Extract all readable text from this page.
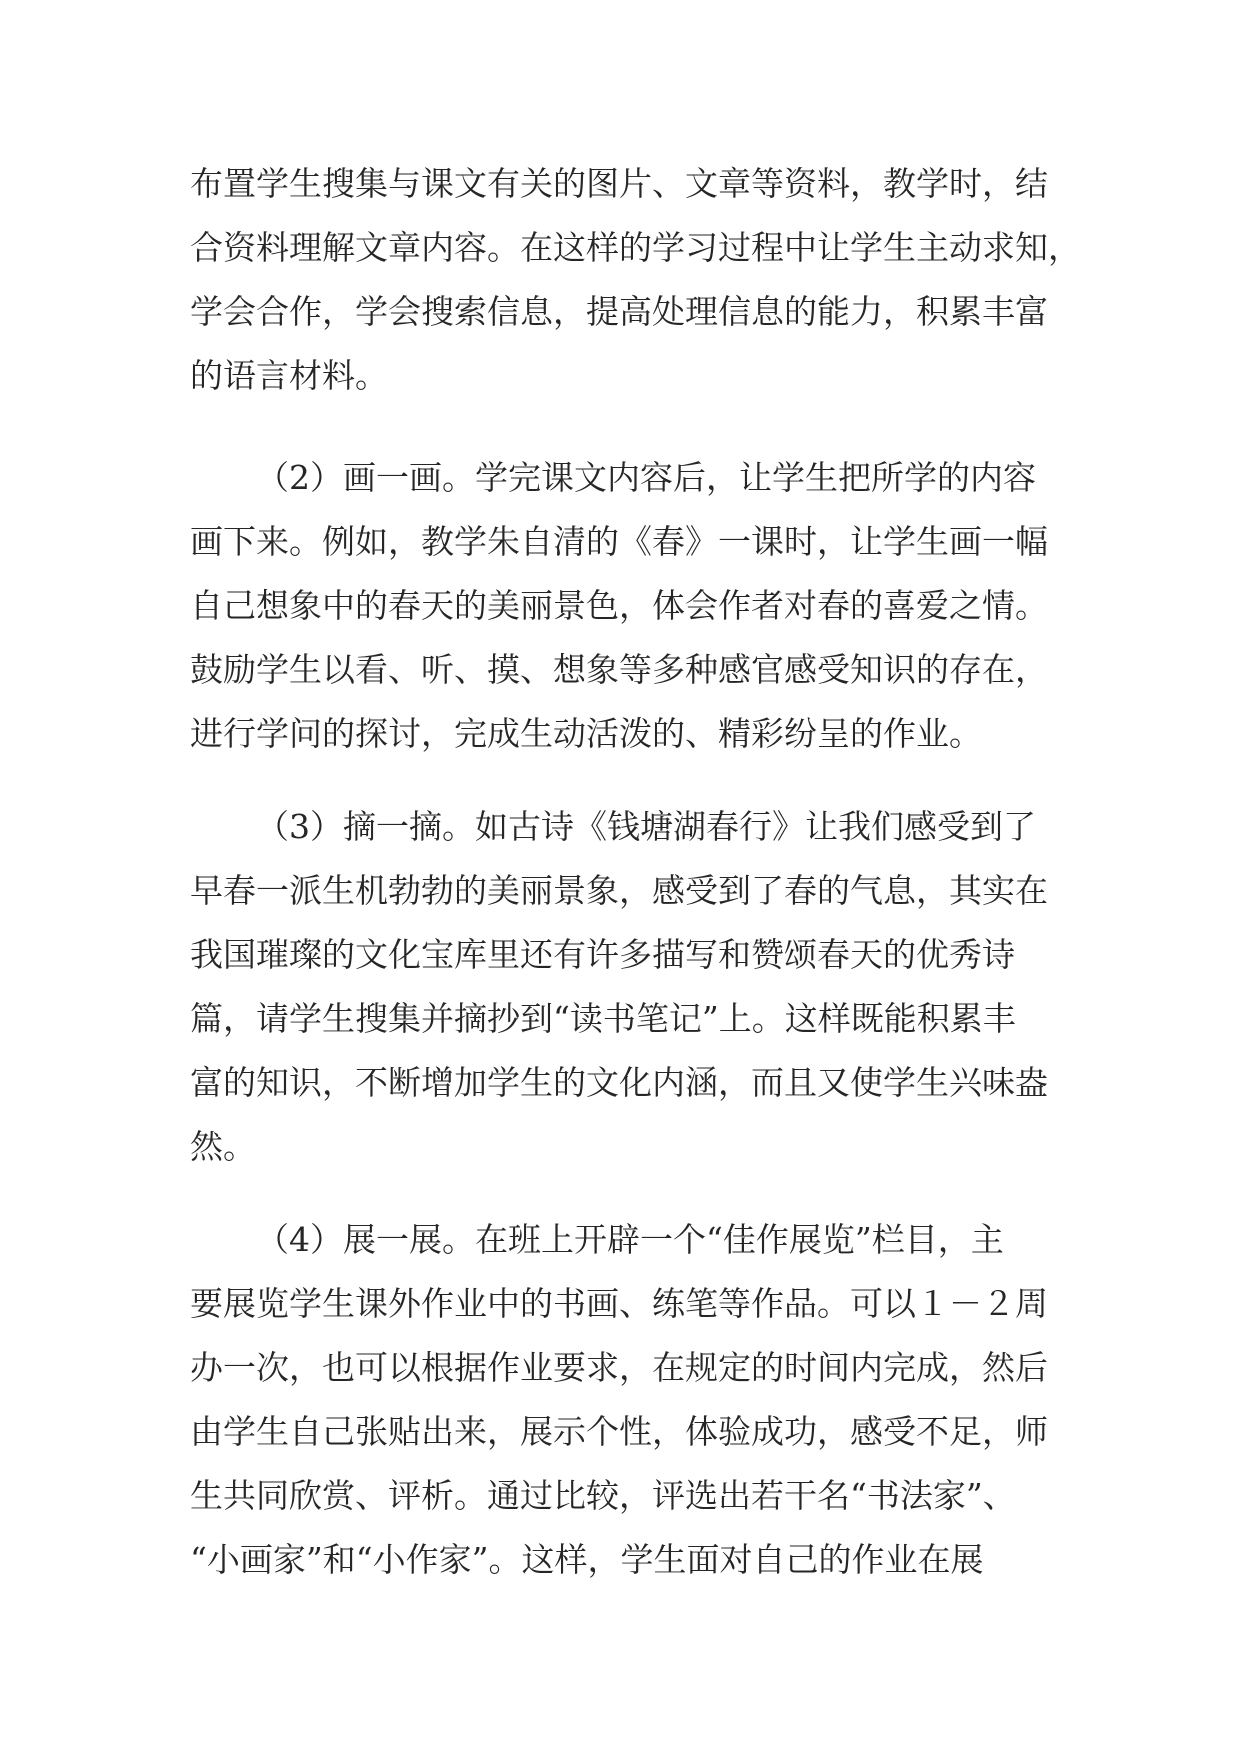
布置学生搜集与课文有关的图片、文章等资料，教学时，结
合资料理解文章内容。在这样的学习过程中让学生主动求知，
学会合作，学会搜索信息，提高处理信息的能力，积累丰富
的语言材料。
（2）画一画。学完课文内容后，让学生把所学的内容
画下来。例如，教学朱自清的《春》一课时，让学生画一幅
自己想象中的春天的美丽景色，体会作者对春的喜爱之情。
鼓励学生以看、听、摸、想象等多种感官感受知识的存在，
进行学问的探讨，完成生动活泼的、精彩纷呈的作业。
（3）摘一摘。如古诗《钱塘湖春行》让我们感受到了
早春一派生机勃勃的美丽景象，感受到了春的气息，其实在
我国璀璨的文化宝库里还有许多描写和赞颂春天的优秀诗
篇，请学生搜集并摘抄到“读书笔记”上。这样既能积累丰
富的知识，不断增加学生的文化内涵，而且又使学生兴味盎
然。
（4）展一展。在班上开辟一个“佳作展览”栏目，主
要展览学生课外作业中的书画、练笔等作品。可以１－２周
办一次，也可以根据作业要求，在规定的时间内完成，然后
由学生自己张贴出来，展示个性，体验成功，感受不足，师
生共同欣赏、评析。通过比较，评选出若干名“书法家”、
“小画家”和“小作家”。这样，学生面对自己的作业在展
